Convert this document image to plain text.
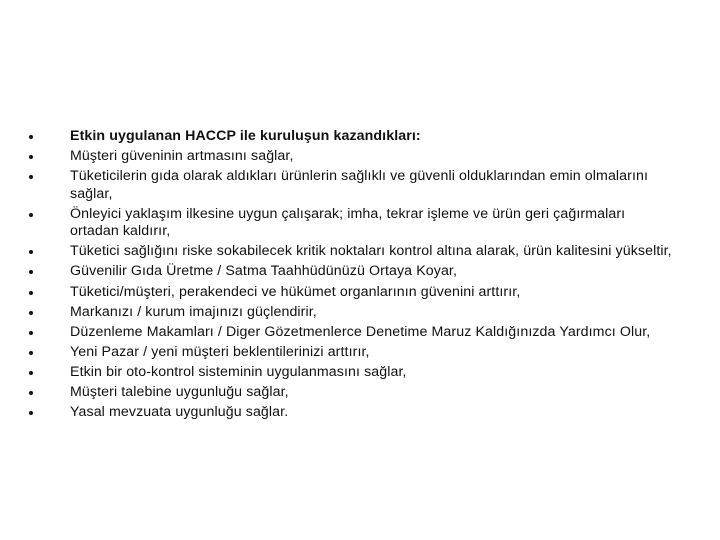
Etkin uygulanan HACCP ile kuruluşun kazandıkları:
Müşteri güveninin artmasını sağlar,
Tüketicilerin gıda olarak aldıkları ürünlerin sağlıklı ve güvenli olduklarından emin olmalarını sağlar,
Önleyici yaklaşım ilkesine uygun çalışarak; imha, tekrar işleme ve ürün geri çağırmaları ortadan kaldırır,
Tüketici sağlığını riske sokabilecek kritik noktaları kontrol altına alarak, ürün kalitesini yükseltir,
Güvenilir Gıda Üretme / Satma Taahhüdünüzü Ortaya Koyar,
Tüketici/müşteri, perakendeci ve hükümet organlarının güvenini arttırır,
Markanızı / kurum imajınızı güçlendirir,
Düzenleme Makamları / Diger Gözetmenlerce Denetime Maruz Kaldığınızda Yardımcı Olur,
Yeni Pazar / yeni müşteri beklentilerinizi arttırır,
Etkin bir oto-kontrol sisteminin uygulanmasını sağlar,
Müşteri talebine uygunluğu sağlar,
Yasal mevzuata uygunluğu sağlar.
